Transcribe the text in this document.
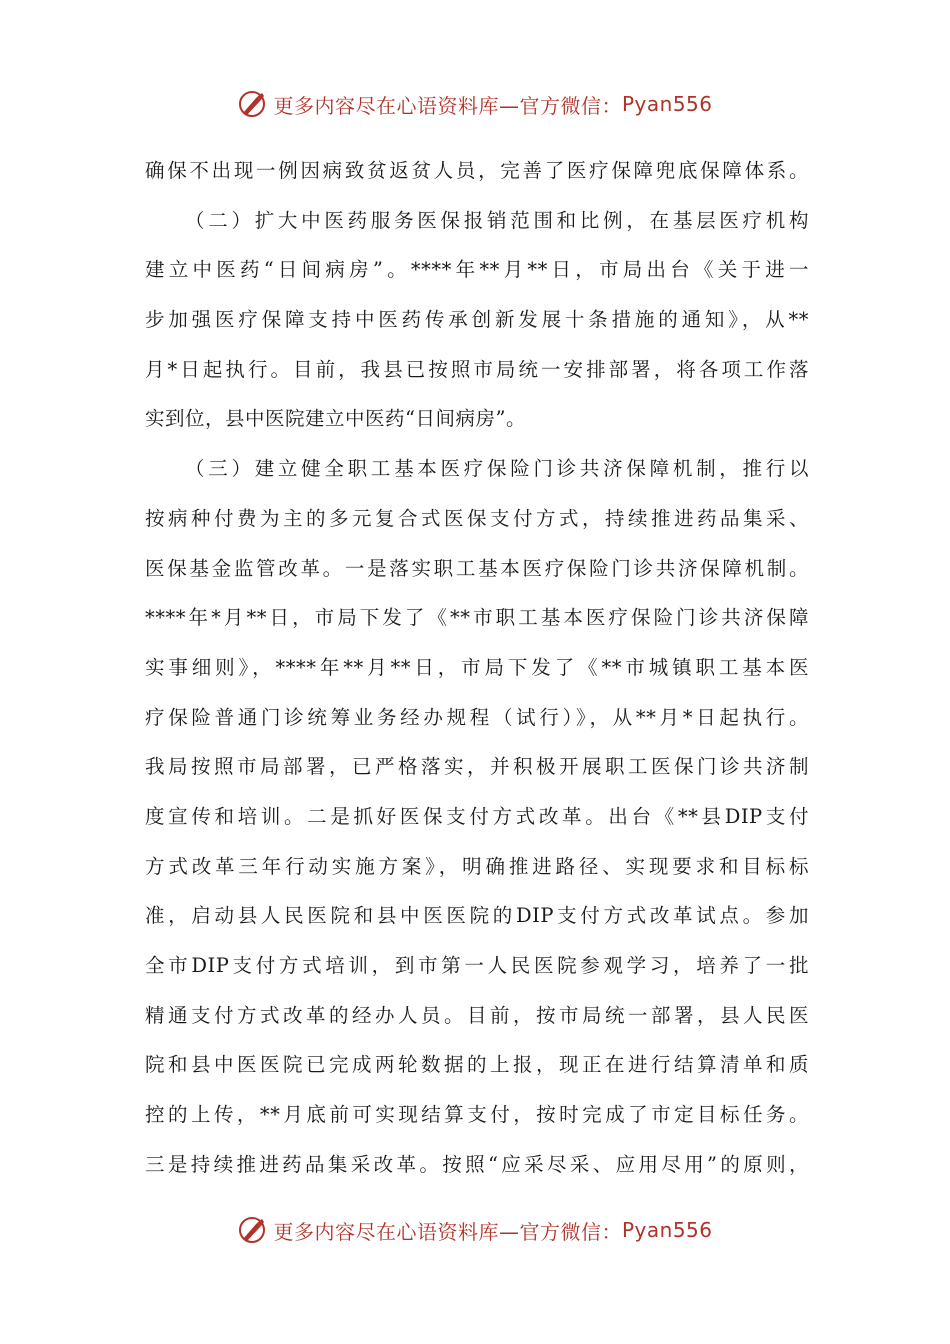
更多内容尽在心语资料库—官方微信： Pyan556
确保不出现一例因病致贫返贫人员，完善了医疗保障兜底保障体系。
（二）扩大中医药服务医保报销范围和比例，在基层医疗机构
建立中医药“日间病房”。****年**月**日，市局出台《关于进一
步加强医疗保障支持中医药传承创新发展十条措施的通知》，从**
月*日起执行。目前，我县已按照市局统一安排部署，将各项工作落
实到位，县中医院建立中医药“日间病房”。
（三）建立健全职工基本医疗保险门诊共济保障机制，推行以
按病种付费为主的多元复合式医保支付方式，持续推进药品集采、
医保基金监管改革。一是落实职工基本医疗保险门诊共济保障机制。
****年*月**日，市局下发了《**市职工基本医疗保险门诊共济保障
实事细则》，****年**月**日，市局下发了《**市城镇职工基本医
疗保险普通门诊统筹业务经办规程（试行）》，从**月*日起执行。
我局按照市局部署，已严格落实，并积极开展职工医保门诊共济制
度宣传和培训。二是抓好医保支付方式改革。出台《**县DIP支付
方式改革三年行动实施方案》，明确推进路径、实现要求和目标标
准，启动县人民医院和县中医医院的DIP支付方式改革试点。参加
全市DIP支付方式培训，到市第一人民医院参观学习，培养了一批
精通支付方式改革的经办人员。目前，按市局统一部署，县人民医
院和县中医医院已完成两轮数据的上报，现正在进行结算清单和质
控的上传，**月底前可实现结算支付，按时完成了市定目标任务。
三是持续推进药品集采改革。按照“应采尽采、应用尽用”的原则，
更多内容尽在心语资料库—官方微信： Pyan556
